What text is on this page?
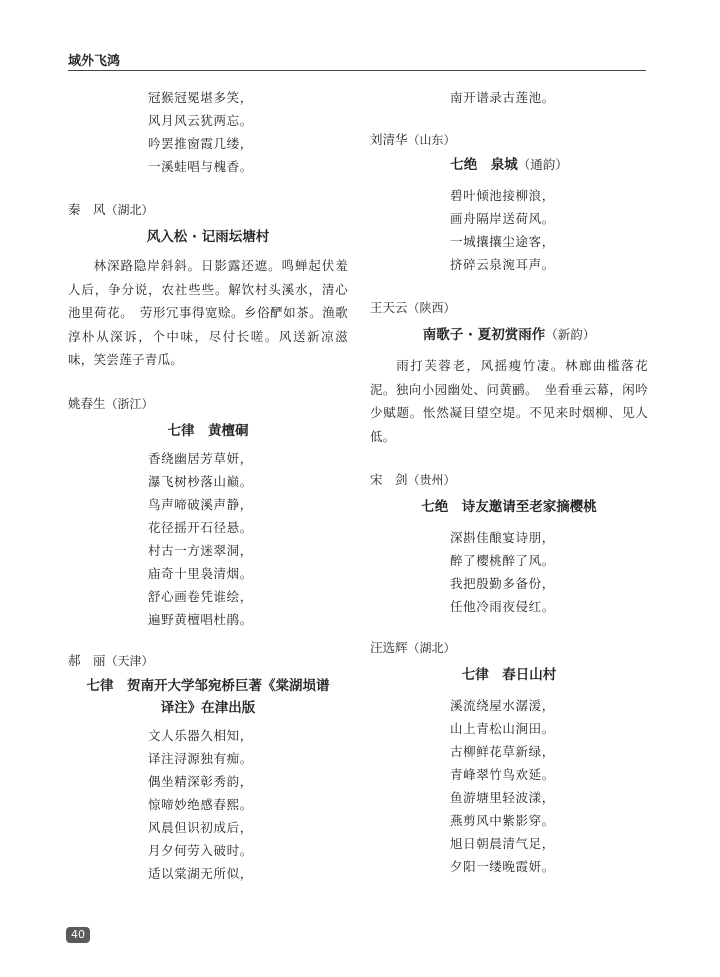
域外飞鸿
冠猴冠冕堪多笑，
风月风云犹两忘。
吟罢推窗霞几缕，
一溪蛙唱与槐香。

秦　风（湖北）

风入松 · 记雨坛塘村

林深路隐岸斜斜。日影露还遮。鸣蝉起伏羞人后，争分说，农社些些。解饮村头溪水，清心池里荷花。　劳形冗事得宽赊。乡俗酽如茶。渔歌淳朴从深诉，个中味，尽付长嗟。风送新凉滋味，笑尝莲子青瓜。

姚春生（浙江）

七律　黄檀硐

香绕幽居芳草妍，
瀑飞树杪落山巅。
鸟声啼破溪声静，
花径摇开石径悬。
村古一方迷翠洞，
庙奇十里袅清烟。
舒心画卷凭谁绘，
遍野黄檀唱杜鹃。

郝　丽（天津）

七律　贺南开大学邹宛桥巨著《棠湖埙谱

译注》在津出版

文人乐器久相知，
译注浔源独有痴。
偶坐精深彰秀韵，
惊啼妙绝感春熙。
风晨但识初成后，
月夕何劳入破时。
适以棠湖无所似，
南开谱录古莲池。

刘清华（山东）

七绝　泉城（通韵）

碧叶倾池接柳浪，
画舟隔岸送荷风。
一城攘攘尘途客，
挤碎云泉涴耳声。

王天云（陕西）

南歌子 · 夏初赏雨作（新韵）

雨打芙蓉老，风摇瘦竹凄。林廊曲槛落花泥。独向小园幽处、问黄鹂。　坐看垂云幕，闲吟少赋题。怅然凝目望空堤。不见来时烟柳、见人低。

宋　剑（贵州）

七绝　诗友邀请至老家摘樱桃

深斟佳酿宴诗朋，
醉了樱桃醉了风。
我把殷勤多备份，
任他冷雨夜侵红。

汪选辉（湖北）

七律　春日山村

溪流绕屋水潺湲，
山上青松山涧田。
古柳鲜花草新绿，
青峰翠竹鸟欢延。
鱼游塘里轻波漾，
燕剪风中紫影穿。
旭日朝晨清气足，
夕阳一缕晚霞妍。
40
